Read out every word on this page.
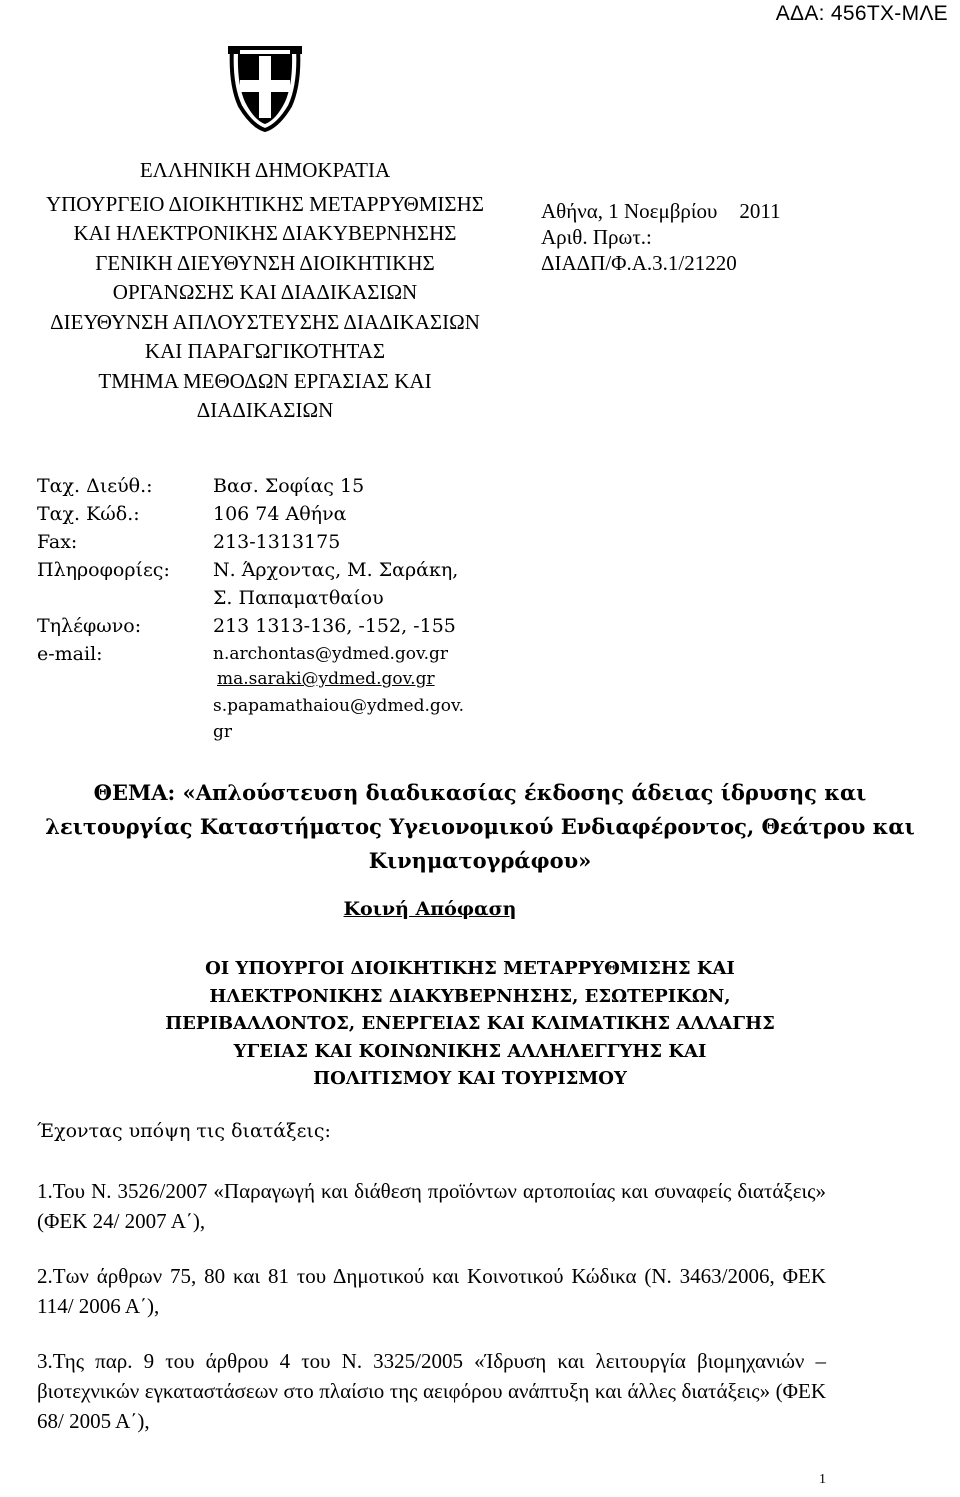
ΑΔΑ: 456ΤΧ-ΜΛΕ
ΕΛΛΗΝΙΚΗ ΔΗΜΟΚΡΑΤΙΑ
ΥΠΟΥΡΓΕΙΟ ΔΙΟΙΚΗΤΙΚΗΣ ΜΕΤΑΡΡΥΘΜΙΣΗΣ
ΚΑΙ ΗΛΕΚΤΡΟΝΙΚΗΣ ΔΙΑΚΥΒΕΡΝΗΣΗΣ
ΓΕΝΙΚΗ ΔΙΕΥΘΥΝΣΗ ΔΙΟΙΚΗΤΙΚΗΣ
ΟΡΓΑΝΩΣΗΣ ΚΑΙ ΔΙΑΔΙΚΑΣΙΩΝ
ΔΙΕΥΘΥΝΣΗ ΑΠΛΟΥΣΤΕΥΣΗΣ ΔΙΑΔΙΚΑΣΙΩΝ
ΚΑΙ ΠΑΡΑΓΩΓΙΚΟΤΗΤΑΣ
ΤΜΗΜΑ ΜΕΘΟΔΩΝ ΕΡΓΑΣΙΑΣ ΚΑΙ
ΔΙΑΔΙΚΑΣΙΩΝ
Αθήνα, 1 Νοεμβρίου 2011
Αριθ. Πρωτ.:
ΔΙΑΔΠ/Φ.Α.3.1/21220
Ταχ. Διεύθ.:	Βασ. Σοφίας 15
Ταχ. Κώδ.:	106 74 Αθήνα
Fax:	213-1313175
Πληροφορίες: Ν. Άρχοντας, Μ. Σαράκη,
Σ. Παπαματθαίου
Τηλέφωνο:	213 1313-136, -152, -155
e-mail:	n.archontas@ydmed.gov.gr
ma.saraki@ydmed.gov.gr
s.papamathaiou@ydmed.gov.
gr
ΘΕΜΑ: «Απλούστευση διαδικασίας έκδοσης άδειας ίδρυσης και λειτουργίας Καταστήματος Υγειονομικού Ενδιαφέροντος, Θεάτρου και Κινηματογράφου»
Κοινή Απόφαση
ΟΙ ΥΠΟΥΡΓΟΙ ΔΙΟΙΚΗΤΙΚΗΣ ΜΕΤΑΡΡΥΘΜΙΣΗΣ ΚΑΙ
ΗΛΕΚΤΡΟΝΙΚΗΣ ΔΙΑΚΥΒΕΡΝΗΣΗΣ, ΕΣΩΤΕΡΙΚΩΝ,
ΠΕΡΙΒΑΛΛΟΝΤΟΣ, ΕΝΕΡΓΕΙΑΣ ΚΑΙ ΚΛΙΜΑΤΙΚΗΣ ΑΛΛΑΓΗΣ
ΥΓΕΙΑΣ ΚΑΙ ΚΟΙΝΩΝΙΚΗΣ ΑΛΛΗΛΕΓΓΥΗΣ ΚΑΙ
ΠΟΛΙΤΙΣΜΟΥ ΚΑΙ ΤΟΥΡΙΣΜΟΥ
Έχοντας υπόψη τις διατάξεις:
1.Του Ν. 3526/2007 «Παραγωγή και διάθεση προϊόντων αρτοποιίας και συναφείς διατάξεις» (ΦΕΚ 24/ 2007 Α΄),
2.Των άρθρων 75, 80 και 81 του Δημοτικού και Κοινοτικού Κώδικα (Ν. 3463/2006, ΦΕΚ 114/ 2006 Α΄),
3.Της παρ. 9 του άρθρου 4 του Ν. 3325/2005 «Ίδρυση και λειτουργία βιομηχανιών – βιοτεχνικών εγκαταστάσεων στο πλαίσιο της αειφόρου ανάπτυξη και άλλες διατάξεις» (ΦΕΚ 68/ 2005 Α΄),
1
